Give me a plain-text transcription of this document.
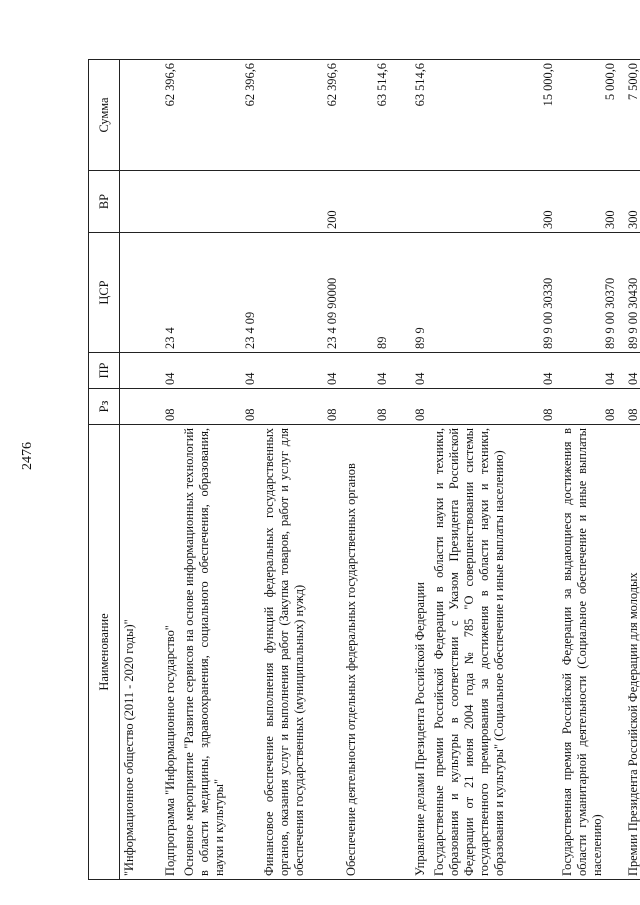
2476
Наименование	Рз	ПР	ЦСР	ВР	Сумма
"Информационное общество (2011 - 2020 годы)"					
Подпрограмма "Информационное государство"	08	04	23 4		62 396,6
Основное мероприятие "Развитие сервисов на основе информационных технологий в области медицины, здравоохранения, социального обеспечения, образования, науки и культуры"	08	04	23 4 09		62 396,6
Финансовое обеспечение выполнения функций федеральных государственных органов, оказания услуг и выполнения работ (Закупка товаров, работ и услуг для обеспечения государственных (муниципальных) нужд)	08	04	23 4 09 90000	200	62 396,6
Обеспечение деятельности отдельных федеральных государственных органов	08	04	89		63 514,6
Управление делами Президента Российской Федерации	08	04	89 9		63 514,6
Государственные премии Российской Федерации в области науки и техники, образования и культуры в соответствии с Указом Президента Российской Федерации от 21 июня 2004 года № 785 "О совершенствовании системы государственного премирования за достижения в области науки и техники, образования и культуры" (Социальное обеспечение и иные выплаты населению)	08	04	89 9 00 30330	300	15 000,0
Государственная премия Российской Федерации за выдающиеся достижения в области гуманитарной деятельности (Социальное обеспечение и иные выплаты населению)	08	04	89 9 00 30370	300	5 000,0
Премии Президента Российской Федерации для молодых	08	04	89 9 00 30430	300	7 500,0
